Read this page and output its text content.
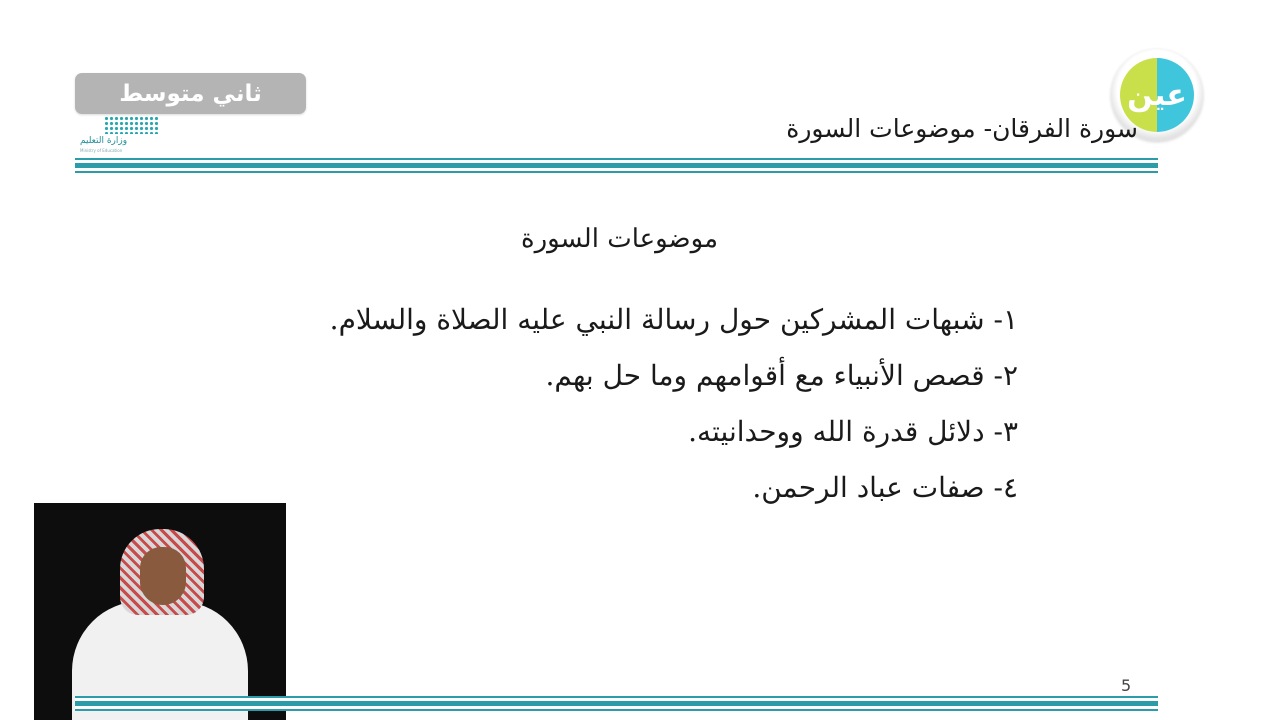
ثاني متوسط
وزارة التعليم
Ministry of Education
عين
سورة الفرقان- موضوعات السورة
موضوعات السورة
١- شبهات المشركين حول رسالة النبي عليه الصلاة والسلام.
٢- قصص الأنبياء مع أقوامهم وما حل بهم.
٣- دلائل قدرة الله ووحدانيته.
٤- صفات عباد الرحمن.
5
